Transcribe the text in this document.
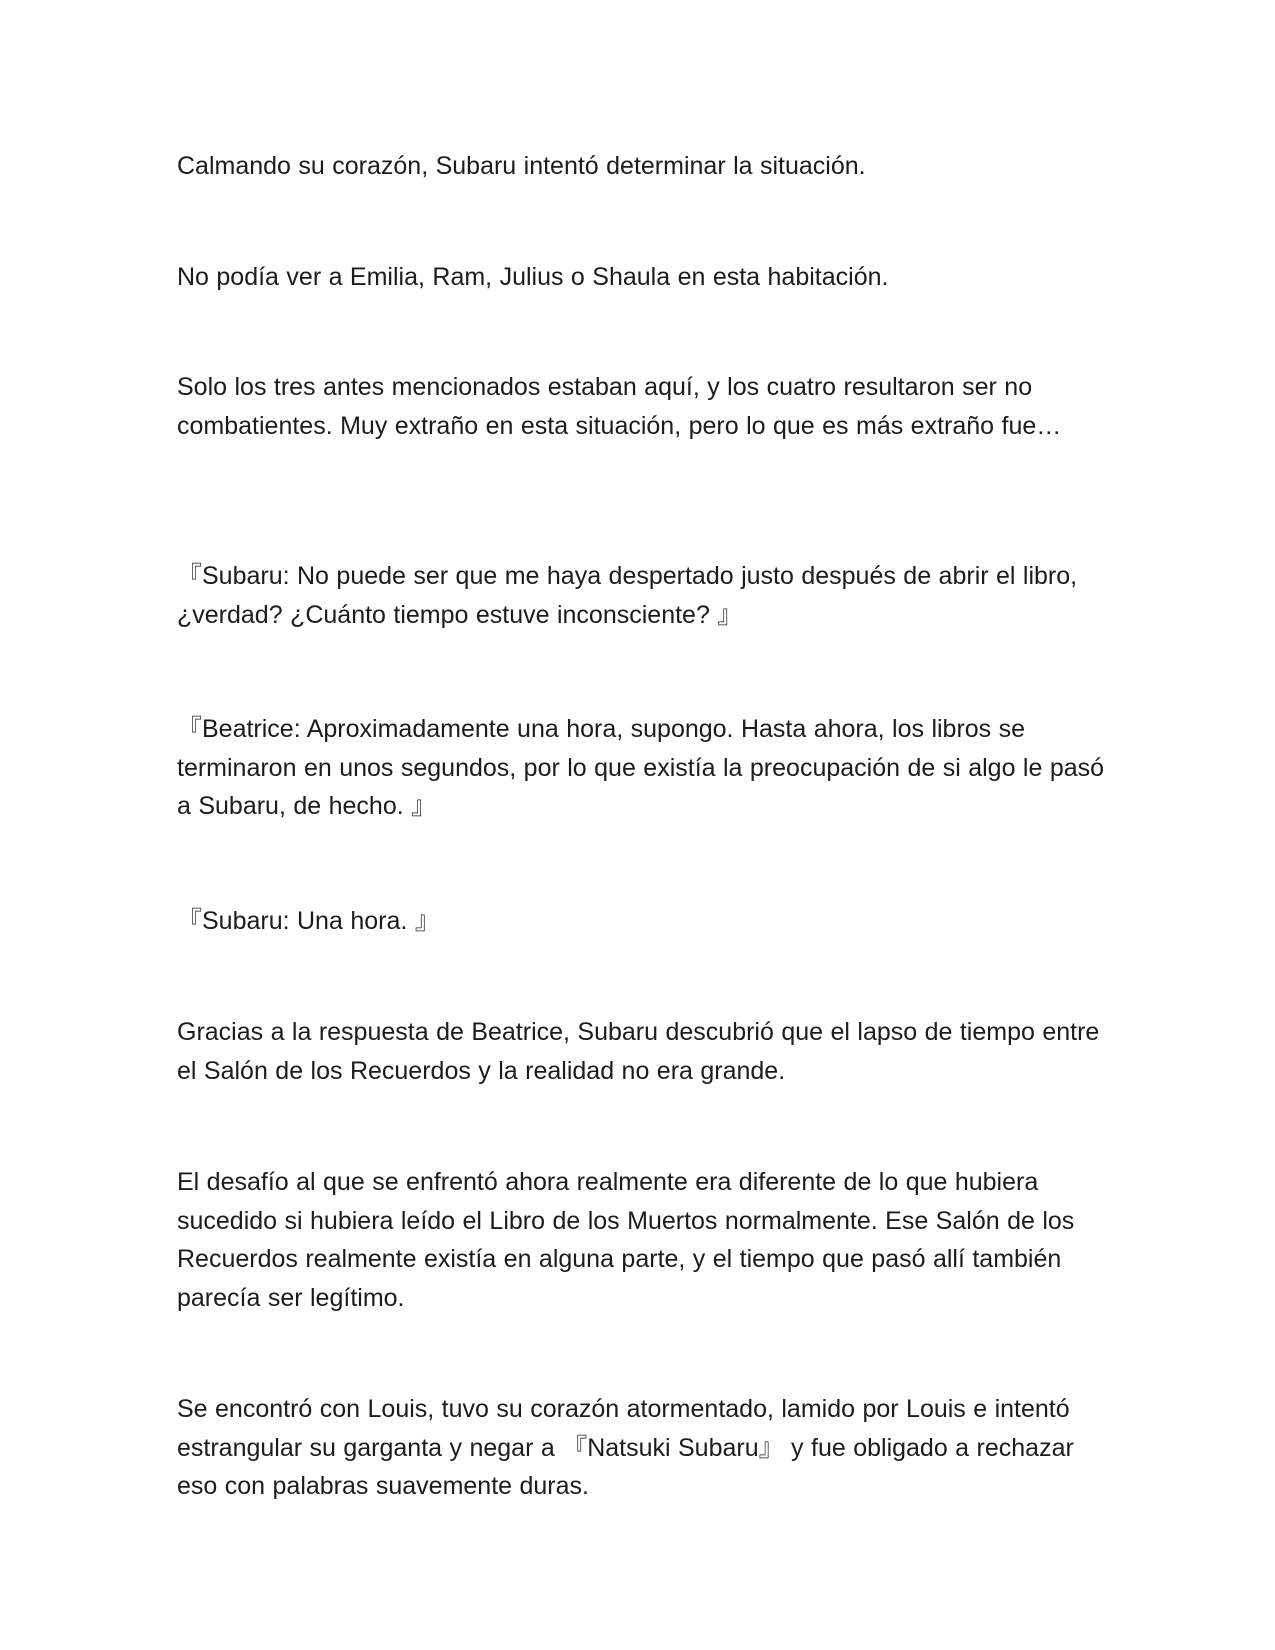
Calmando su corazón, Subaru intentó determinar la situación.

No podía ver a Emilia, Ram, Julius o Shaula en esta habitación.

Solo los tres antes mencionados estaban aquí, y los cuatro resultaron ser no combatientes. Muy extraño en esta situación, pero lo que es más extraño fue…

『Subaru: No puede ser que me haya despertado justo después de abrir el libro, ¿verdad? ¿Cuánto tiempo estuve inconsciente? 』

『Beatrice: Aproximadamente una hora, supongo. Hasta ahora, los libros se terminaron en unos segundos, por lo que existía la preocupación de si algo le pasó a Subaru, de hecho. 』

『Subaru: Una hora. 』

Gracias a la respuesta de Beatrice, Subaru descubrió que el lapso de tiempo entre el Salón de los Recuerdos y la realidad no era grande.

El desafío al que se enfrentó ahora realmente era diferente de lo que hubiera sucedido si hubiera leído el Libro de los Muertos normalmente. Ese Salón de los Recuerdos realmente existía en alguna parte, y el tiempo que pasó allí también parecía ser legítimo.

Se encontró con Louis, tuvo su corazón atormentado, lamido por Louis e intentó estrangular su garganta y negar a 『Natsuki Subaru』 y fue obligado a rechazar eso con palabras suavemente duras.
